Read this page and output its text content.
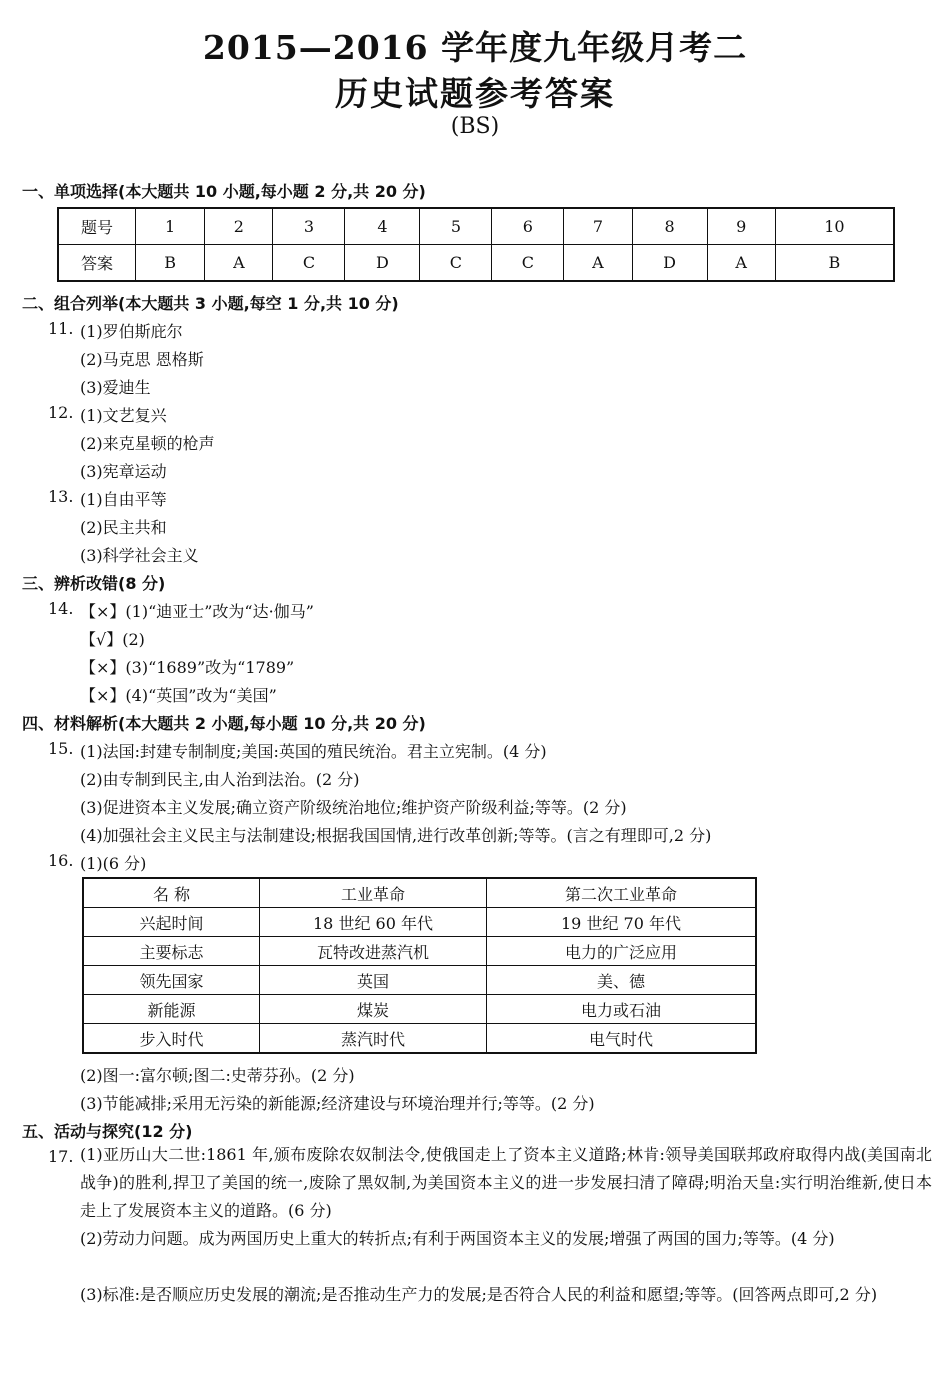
2015—2016 学年度九年级月考二
历史试题参考答案
(BS)
一、单项选择(本大题共 10 小题,每小题 2 分,共 20 分)
题号	1	2	3	4	5	6	7	8	9	10
答案	B	A	C	D	C	C	A	D	A	B
二、组合列举(本大题共 3 小题,每空 1 分,共 10 分)
11. (1)罗伯斯庇尔
(2)马克思 恩格斯
(3)爱迪生
12. (1)文艺复兴
(2)来克星顿的枪声
(3)宪章运动
13. (1)自由平等
(2)民主共和
(3)科学社会主义
三、辨析改错(8 分)
14. 【×】(1)“迪亚士”改为“达·伽马”
【√】(2)
【×】(3)“1689”改为“1789”
【×】(4)“英国”改为“美国”
四、材料解析(本大题共 2 小题,每小题 10 分,共 20 分)
15. (1)法国:封建专制制度;美国:英国的殖民统治。君主立宪制。(4 分)
(2)由专制到民主,由人治到法治。(2 分)
(3)促进资本主义发展;确立资产阶级统治地位;维护资产阶级利益;等等。(2 分)
(4)加强社会主义民主与法制建设;根据我国国情,进行改革创新;等等。(言之有理即可,2 分)
16. (1)(6 分)
名 称	工业革命	第二次工业革命
兴起时间	18 世纪 60 年代	19 世纪 70 年代
主要标志	瓦特改进蒸汽机	电力的广泛应用
领先国家	英国	美、德
新能源	煤炭	电力或石油
步入时代	蒸汽时代	电气时代
(2)图一:富尔顿;图二:史蒂芬孙。(2 分)
(3)节能减排;采用无污染的新能源;经济建设与环境治理并行;等等。(2 分)
五、活动与探究(12 分)
17. (1)亚历山大二世:1861 年,颁布废除农奴制法令,使俄国走上了资本主义道路;林肯:领导美国联邦政府取得内战(美国南北战争)的胜利,捍卫了美国的统一,废除了黑奴制,为美国资本主义的进一步发展扫清了障碍;明治天皇:实行明治维新,使日本走上了发展资本主义的道路。(6 分)
(2)劳动力问题。成为两国历史上重大的转折点;有利于两国资本主义的发展;增强了两国的国力;等等。(4 分)
(3)标准:是否顺应历史发展的潮流;是否推动生产力的发展;是否符合人民的利益和愿望;等等。(回答两点即可,2 分)
